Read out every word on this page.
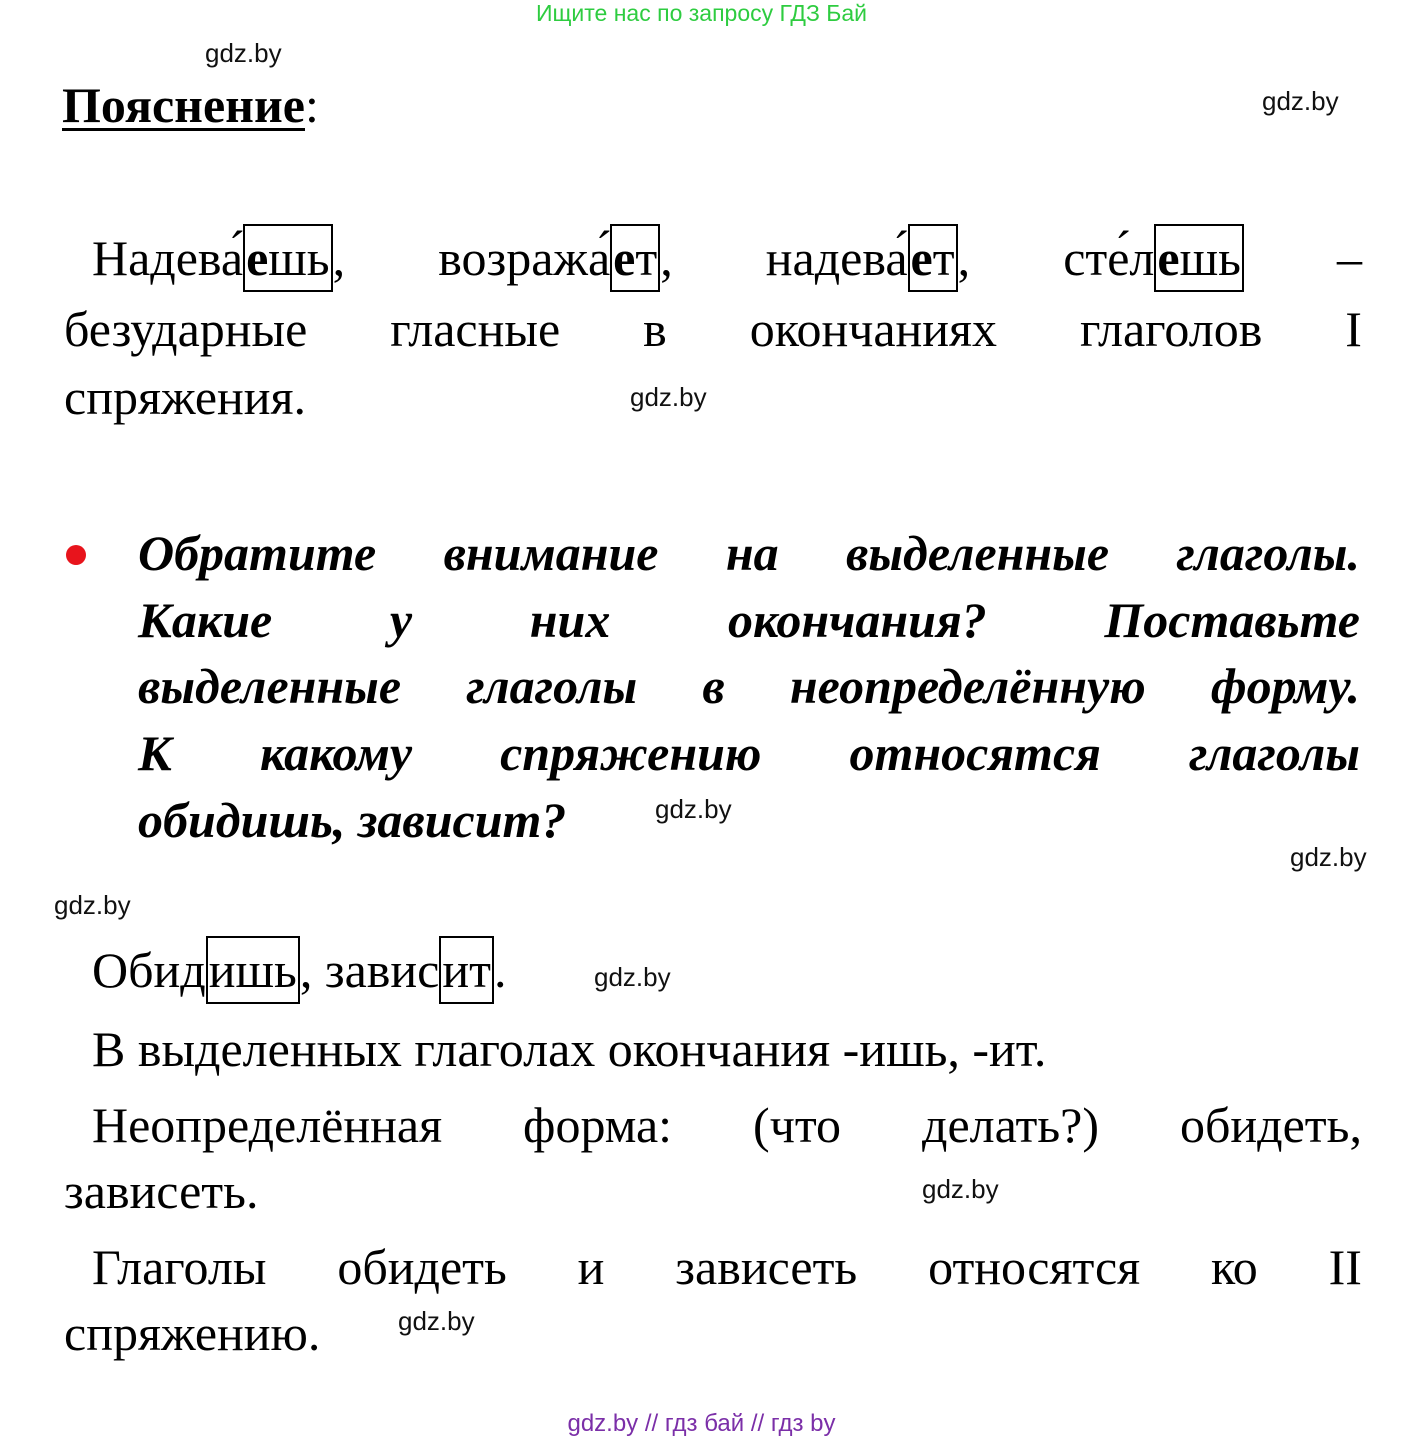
Ищите нас по запросу ГДЗ Бай
Пояснение:
gdz.by
gdz.by
gdz.by
gdz.by
gdz.by
gdz.by
gdz.by
gdz.by
gdz.by
Надева́ешь, возража́ет, надева́ет, сте́лешь –
безударные гласные в окончаниях глаголов I
спряжения.
Обратите внимание на выделенные глаголы.
Какие у них окончания? Поставьте
выделенные глаголы в неопределённую форму.
К какому спряжению относятся глаголы
обидишь, зависит?
Обидишь, зависит.
В выделенных глаголах окончания -ишь, -ит.
Неопределённая форма: (что делать?) обидеть,
зависеть.
Глаголы обидеть и зависеть относятся ко II
спряжению.
gdz.by // гдз бай // гдз by
